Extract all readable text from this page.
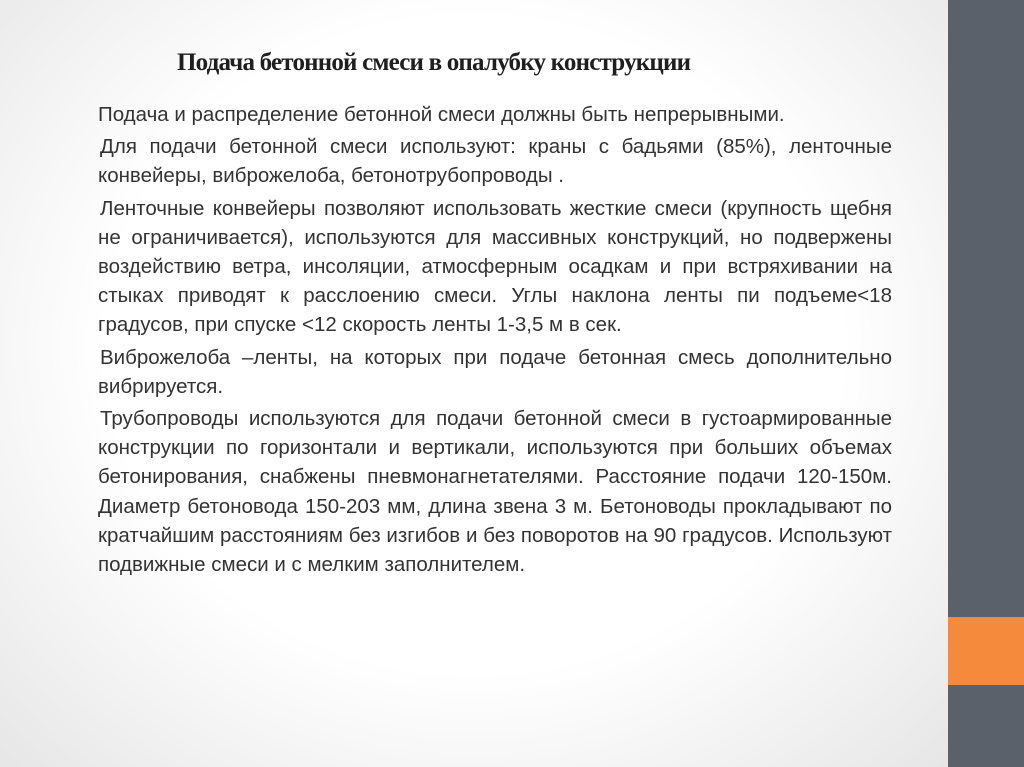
Подача бетонной смеси в опалубку конструкции

Подача и распределение бетонной смеси должны быть непрерывными.

Для подачи бетонной смеси используют: краны с бадьями (85%), ленточные конвейеры, виброжелоба, бетонотрубопроводы .

Ленточные конвейеры позволяют использовать жесткие смеси (крупность щебня не ограничивается), используются для массивных конструкций, но подвержены воздействию ветра, инсоляции, атмосферным осадкам и при встряхивании на стыках приводят к расслоению смеси. Углы наклона ленты пи подъеме<18 градусов, при спуске <12 скорость ленты 1-3,5 м в сек.

Виброжелоба –ленты, на которых при подаче бетонная смесь дополнительно вибрируется.

Трубопроводы используются для подачи бетонной смеси в густоармированные конструкции по горизонтали и вертикали, используются при больших объемах бетонирования, снабжены пневмонагнетателями. Расстояние подачи 120-150м. Диаметр бетоновода 150-203 мм, длина звена 3 м. Бетоноводы прокладывают по кратчайшим расстояниям без изгибов и без поворотов на 90 градусов. Используют подвижные смеси и с мелким заполнителем.
